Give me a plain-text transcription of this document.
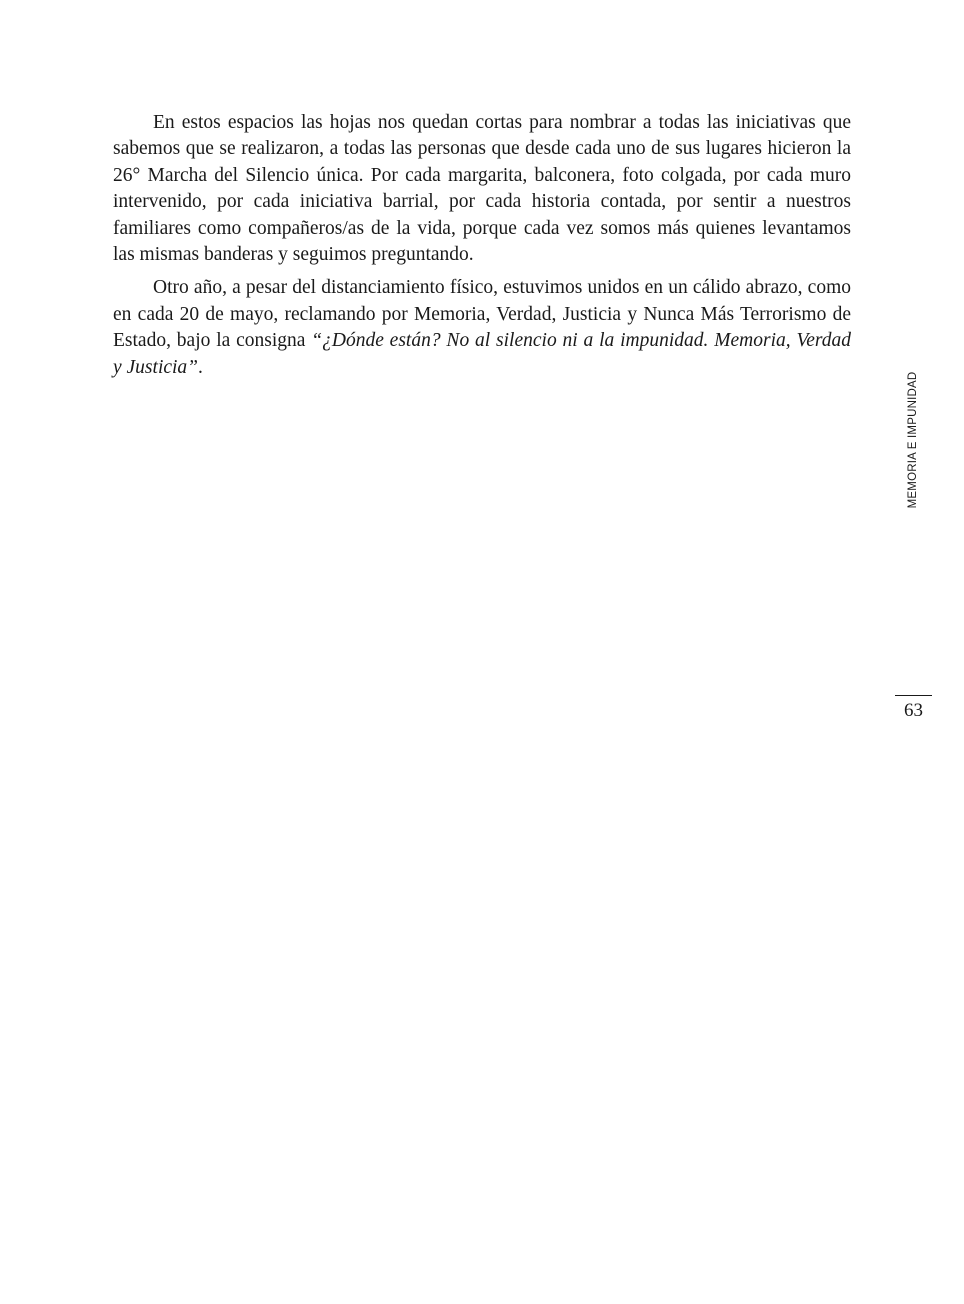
En estos espacios las hojas nos quedan cortas para nombrar a todas las iniciativas que sabemos que se realizaron, a todas las personas que desde cada uno de sus lugares hicieron la 26° Marcha del Silencio única. Por cada margarita, balconera, foto colgada, por cada muro intervenido, por cada iniciativa barrial, por cada historia contada, por sentir a nuestros familiares como compañeros/as de la vida, porque cada vez somos más quienes levantamos las mismas banderas y seguimos preguntando.

Otro año, a pesar del distanciamiento físico, estuvimos unidos en un cálido abrazo, como en cada 20 de mayo, reclamando por Memoria, Verdad, Justicia y Nunca Más Terrorismo de Estado, bajo la consigna “¿Dónde están? No al silencio ni a la impunidad. Memoria, Verdad y Justicia”.

MEMORIA E IMPUNIDAD
63
